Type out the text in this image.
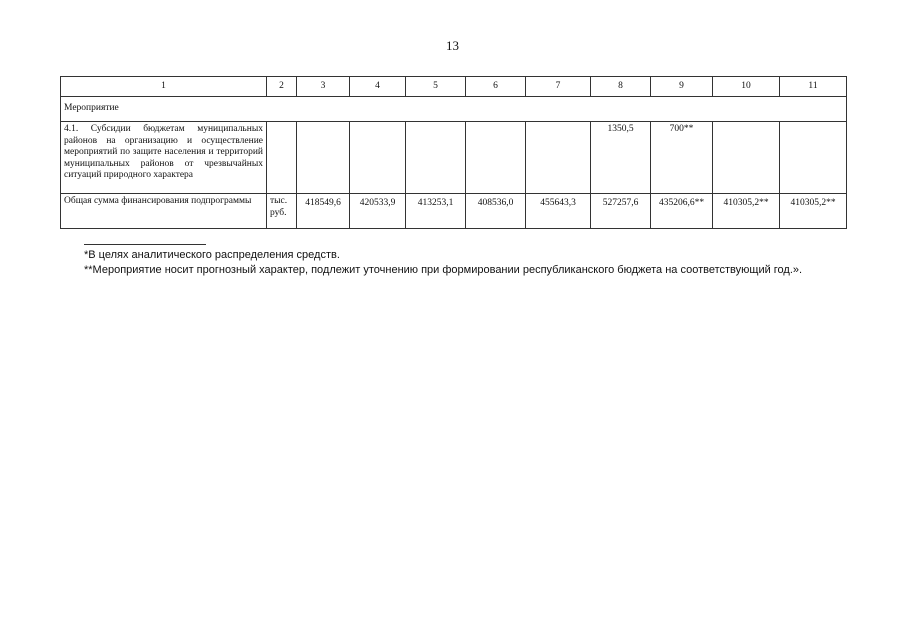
13
1	2	3	4	5	6	7	8	9	10	11
Мероприятие										
4.1. Субсидии бюджетам муниципальных районов на организацию и осуществление мероприятий по защите населения и территорий муниципальных районов от чрезвычайных ситуаций природного характера							1350,5	700**		
Общая сумма финансирования подпрограммы	тыс. руб.	418549,6	420533,9	413253,1	408536,0	455643,3	527257,6	435206,6**	410305,2**	410305,2**

*В целях аналитического распределения средств.

**Мероприятие носит прогнозный характер, подлежит уточнению при формировании республиканского бюджета на соответствующий год.».
